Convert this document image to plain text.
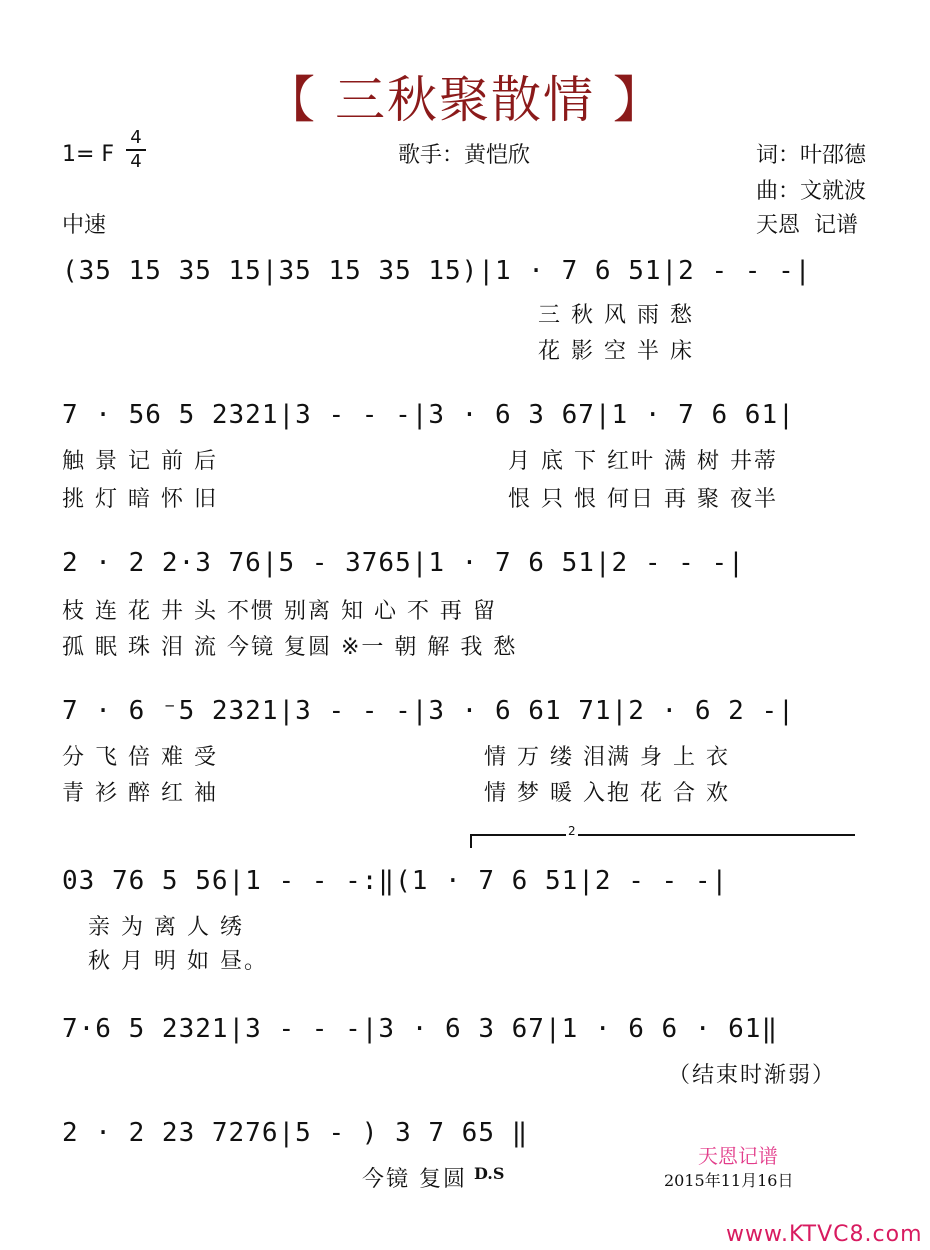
【 三秋聚散情 】
1= F
4
4	歌手：黄恺欣	词：叶邵德
曲：文就波
中速	天恩  记谱
(35 15 35 15|35 15 35 15)|1 · 7 6 51|2 - - -|
三 秋 风 雨 愁
花 影 空 半 床
7 · 56 5 2321|3 - - -|3 · 6 3 67|1 · 7 6 61|
触 景 记 前 后	月 底 下 红叶 满 树 井蒂
挑 灯 暗 怀 旧	恨 只 恨 何日 再 聚 夜半
2 · 2 2·3 76|5 - 3765|1 · 7 6 51|2 - - -|
枝 连 花 井 头 不惯 别离 知 心 不 再 留
孤 眠 珠 泪 流 今镜 复圆 ※一 朝 解 我 愁
7 · 6 ⁻5 2321|3 - - -|3 · 6 61 71|2 · 6 2 -|
分 飞 倍 难 受	情 万 缕 泪满 身 上 衣
青 衫 醉 红 袖	情 梦 暖 入抱 花 合 欢
2
03 76 5 56|1 - - -:‖(1 · 7 6 51|2 - - -|
亲 为 离 人 绣
秋 月 明 如 昼。
7·6 5 2321|3 - - -|3 · 6 3 67|1 · 6 6 · 61‖
（结束时渐弱）
2 · 2 23 7276|5 - ) 3 7 65 ‖
今镜 复圆 D.S
天恩记谱
2015年11月16日
www.KTVC8.com
